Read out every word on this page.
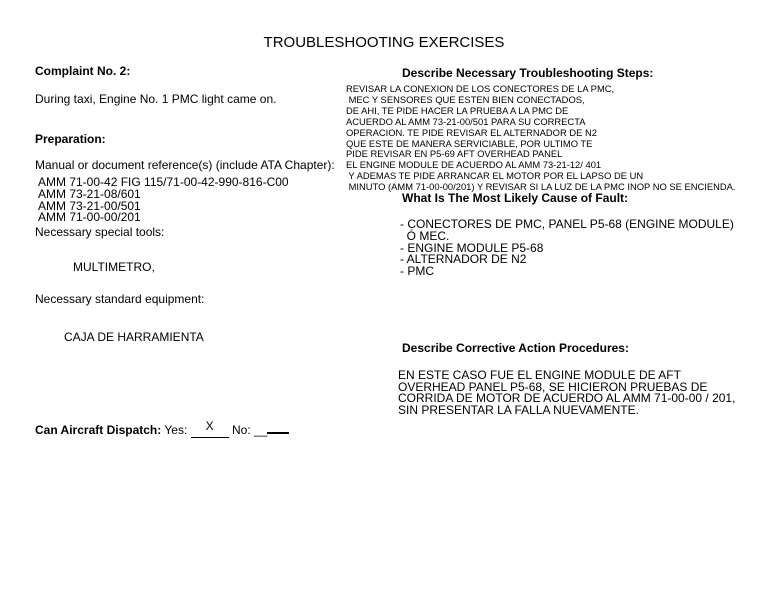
TROUBLESHOOTING EXERCISES
Complaint No. 2:
During taxi, Engine No. 1 PMC light came on.
Preparation:
Manual or document reference(s) (include ATA Chapter):
AMM 71-00-42 FIG 115/71-00-42-990-816-C00
AMM 73-21-08/601
AMM 73-21-00/501
AMM 71-00-00/201
Necessary special tools:
MULTIMETRO,
Necessary standard equipment:
CAJA DE HARRAMIENTA
Can Aircraft Dispatch: Yes: X No: __
Describe Necessary Troubleshooting Steps:
REVISAR LA CONEXION DE LOS CONECTORES DE LA PMC,
MEC Y SENSORES QUE ESTEN BIEN CONECTADOS,
DE AHI, TE PIDE HACER LA PRUEBA A LA PMC DE
ACUERDO AL AMM 73-21-00/501 PARA SU CORRECTA
OPERACION. TE PIDE REVISAR EL ALTERNADOR DE N2
QUE ESTE DE MANERA SERVICIABLE, POR ULTIMO TE
PIDE REVISAR EN P5-69 AFT OVERHEAD PANEL
EL ENGINE MODULE DE ACUERDO AL AMM 73-21-12/ 401
Y ADEMAS TE PIDE ARRANCAR EL MOTOR POR EL LAPSO DE UN
MINUTO (AMM 71-00-00/201) Y REVISAR SI LA LUZ DE LA PMC INOP NO SE ENCIENDA.
What Is The Most Likely Cause of Fault:
- CONECTORES DE PMC, PANEL P5-68 (ENGINE MODULE)
Ó MEC.
- ENGINE MODULE P5-68
- ALTERNADOR DE N2
- PMC
Describe Corrective Action Procedures:
EN ESTE CASO FUE EL ENGINE MODULE DE AFT
OVERHEAD PANEL P5-68, SE HICIERON PRUEBAS DE
CORRIDA DE MOTOR DE ACUERDO AL AMM 71-00-00 / 201,
SIN PRESENTAR LA FALLA NUEVAMENTE.
